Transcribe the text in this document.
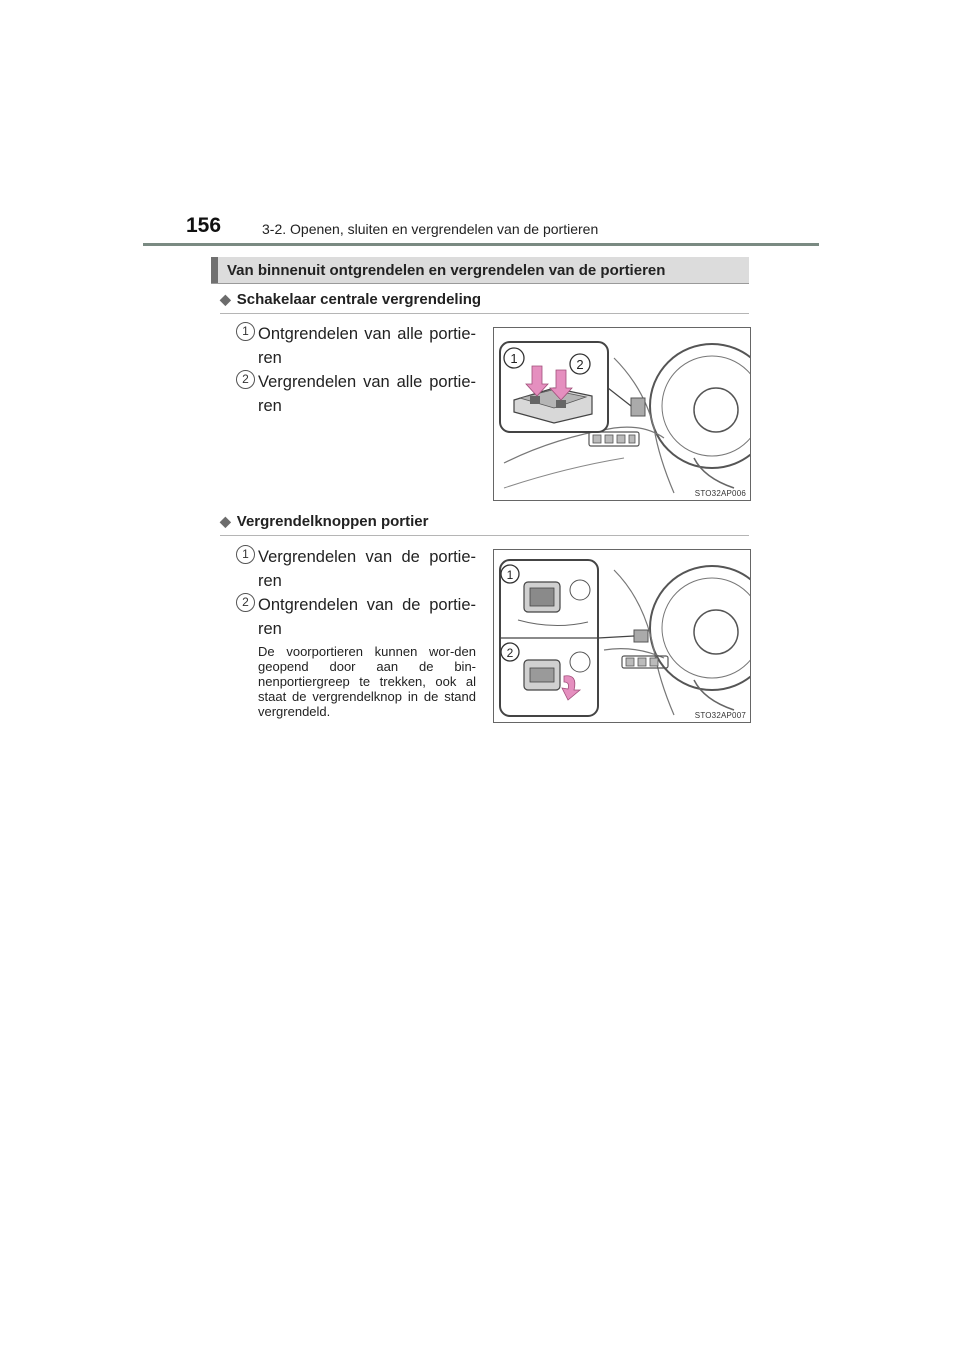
156	3-2. Openen, sluiten en vergrendelen van de portieren
Van binnenuit ontgrendelen en vergrendelen van de portieren
◆ Schakelaar centrale vergrendeling
1 Ontgrendelen van alle portie-ren
2 Vergrendelen van alle portie-ren
1	2
STO32AP006
◆ Vergrendelknoppen portier
1 Vergrendelen van de portie-ren
2 Ontgrendelen van de portie-ren
De voorportieren kunnen wor-den geopend door aan de bin-nenportiergreep te trekken, ook al staat de vergrendelknop in de stand vergrendeld.
1
2
STO32AP007
